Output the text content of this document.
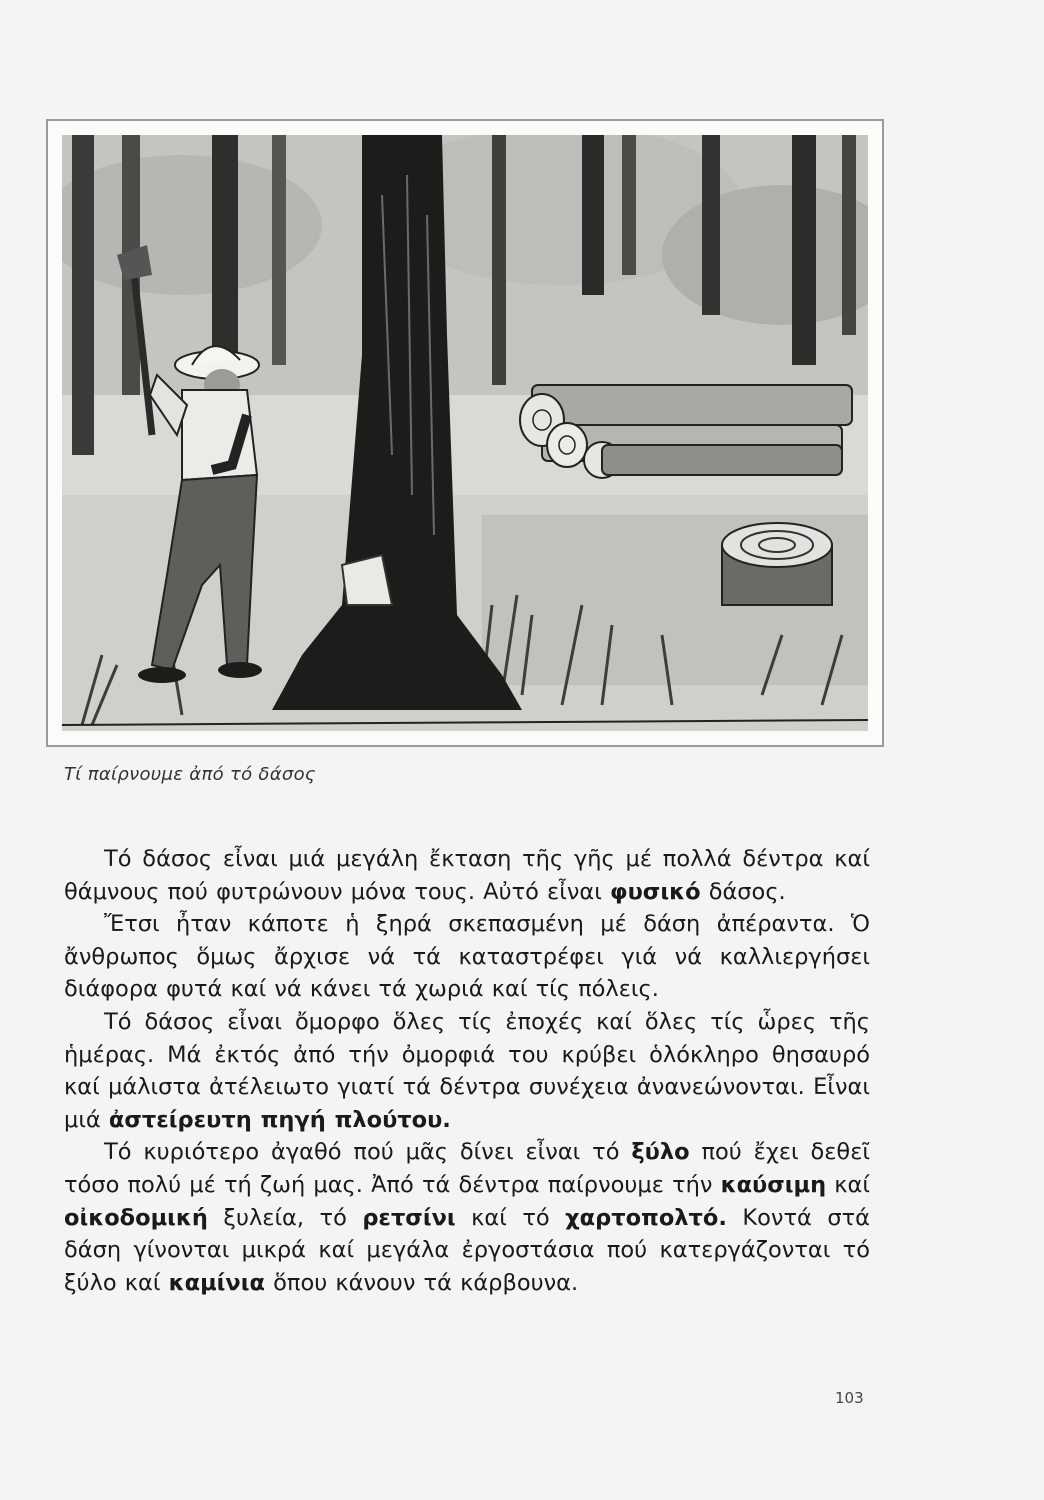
Τί παίρνουμε ἀπό τό δάσος

Τό δάσος εἶναι μιά μεγάλη ἔκταση τῆς γῆς μέ πολλά δέντρα καί θάμνους πού φυτρώνουν μόνα τους. Αὐτό εἶναι φυσικό δάσος.

Ἔτσι ἦταν κάποτε ἡ ξηρά σκεπασμένη μέ δάση ἀπέραντα. Ὁ ἄνθρωπος ὅμως ἄρχισε νά τά καταστρέφει γιά νά καλλιεργήσει διάφορα φυτά καί νά κάνει τά χωριά καί τίς πόλεις.

Τό δάσος εἶναι ὄμορφο ὅλες τίς ἐποχές καί ὅλες τίς ὧρες τῆς ἡμέρας. Μά ἐκτός ἀπό τήν ὀμορφιά του κρύβει ὁλόκληρο θησαυρό καί μάλιστα ἀτέλειωτο γιατί τά δέντρα συνέχεια ἀνανεώνονται. Εἶναι μιά ἀστείρευτη πηγή πλούτου.

Τό κυριότερο ἀγαθό πού μᾶς δίνει εἶναι τό ξύλο πού ἔχει δεθεῖ τόσο πολύ μέ τή ζωή μας. Ἀπό τά δέντρα παίρνουμε τήν καύσιμη καί οἰκοδομική ξυλεία, τό ρετσίνι καί τό χαρτοπολτό. Κοντά στά δάση γίνονται μικρά καί μεγάλα ἐργοστάσια πού κατεργάζονται τό ξύλο καί καμίνια ὅπου κάνουν τά κάρβουνα.

103
